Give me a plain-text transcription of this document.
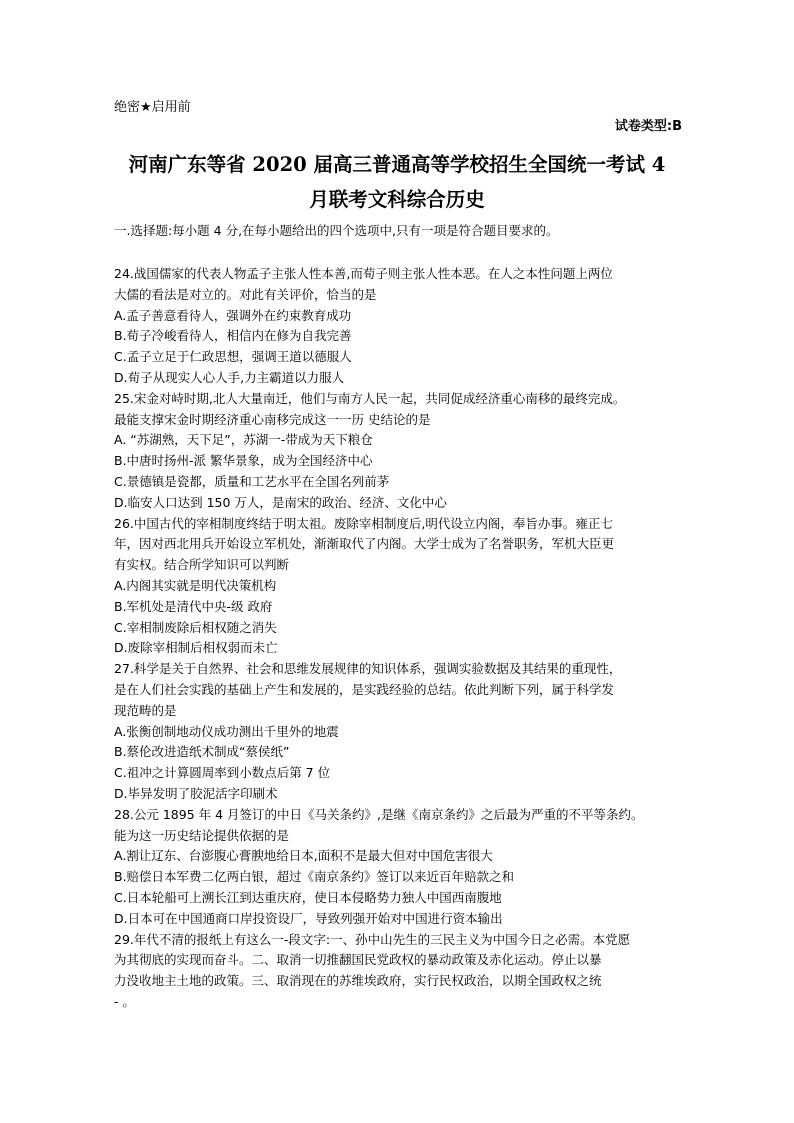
绝密★启用前
试卷类型:B
河南广东等省 2020 届高三普通高等学校招生全国统一考试 4
月联考文科综合历史
一.选择题:每小题 4 分,在每小题给出的四个选项中,只有一项是符合题目要求的。
24.战国儒家的代表人物孟子主张人性本善,而荀子则主张人性本恶。在人之本性问题上两位
大儒的看法是对立的。对此有关评价，恰当的是
A.孟子善意看待人，强调外在约束教育成功
B.荀子冷峻看待人，相信内在修为自我完善
C.孟子立足于仁政思想，强调王道以德服人
D.荀子从现实人心人手,力主霸道以力服人
25.宋金对峙时期,北人大量南迁，他们与南方人民一起，共同促成经济重心南移的最终完成。
最能支撑宋金时期经济重心南移完成这一一历 史结论的是
A. “苏湖熟，天下足”，苏湖一-带成为天下粮仓
B.中唐时扬州-派 繁华景象，成为全国经济中心
C.景德镇是瓷都，质量和工艺水平在全国名列前茅
D.临安人口达到 150 万人，是南宋的政治、经济、文化中心
26.中国古代的宰相制度终结于明太祖。废除宰相制度后,明代设立内阁，奉旨办事。雍正七
年，因对西北用兵开始设立军机处，渐渐取代了内阁。大学士成为了名誉职务，军机大臣更
有实权。结合所学知识可以判断
A.内阁其实就是明代决策机构
B.军机处是清代中央-级 政府
C.宰相制废除后相权随之消失
D.废除宰相制后相权弱而未亡
27.科学是关于自然界、社会和思维发展规律的知识体系，强调实验数据及其结果的重现性，
是在人们社会实践的基础上产生和发展的，是实践经验的总结。依此判断下列，属于科学发
现范畴的是
A.张衡创制地动仪成功测出千里外的地震
B.蔡伦改进造纸术制成“蔡侯纸”
C.祖冲之计算圆周率到小数点后第 7 位
D.毕异发明了胶泥活字印刷术
28.公元 1895 年 4 月签订的中日《马关条约》,是继《南京条约》之后最为严重的不平等条约。
能为这一历史结论提供依据的是
A.割让辽东、台澎腹心膏腴地给日本,面积不是最大但对中国危害很大
B.赔偿日本军费二亿两白银，超过《南京条约》签订以来近百年赔款之和
C.日本轮船可上溯长江到达重庆府，使日本侵略势力独人中国西南腹地
D.日本可在中国通商口岸投资设厂，导致列强开始对中国进行资本输出
29.年代不清的报纸上有这么一-段文字:一、孙中山先生的三民主义为中国今日之必需。本党愿
为其彻底的实现而奋斗。二、取消一切推翻国民党政权的暴动政策及赤化运动。停止以暴
力没收地主土地的政策。三、取消现在的苏维埃政府，实行民权政治，以期全国政权之统
- 。
